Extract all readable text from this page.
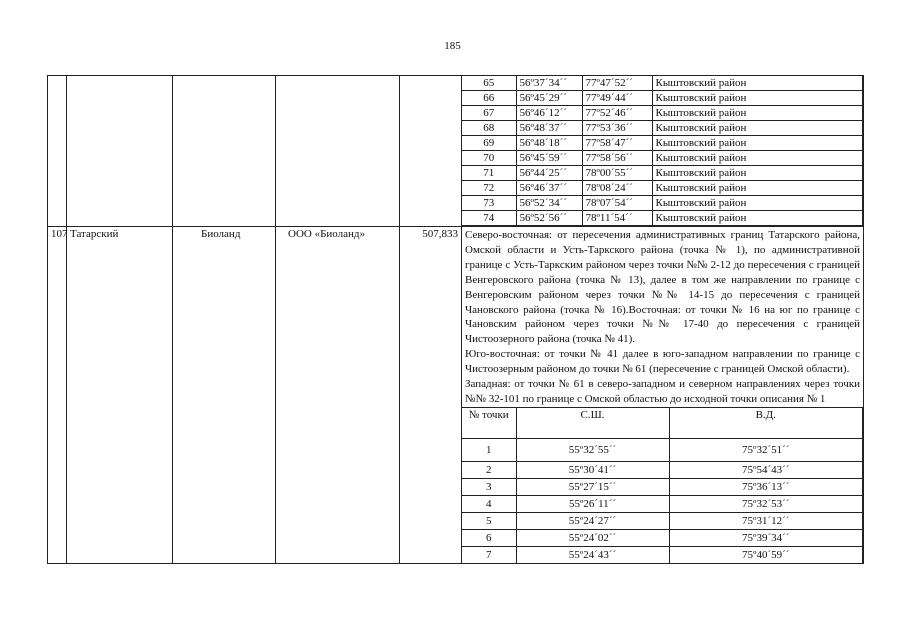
185

65	56º37´34´´	77º47´52´´	Кыштовский район
66	56º45´29´´	77º49´44´´	Кыштовский район
67	56º46´12´´	77º52´46´´	Кыштовский район
68	56º48´37´´	77º53´36´´	Кыштовский район
69	56º48´18´´	77º58´47´´	Кыштовский район
70	56º45´59´´	77º58´56´´	Кыштовский район
71	56º44´25´´	78º00´55´´	Кыштовский район
72	56º46´37´´	78º08´24´´	Кыштовский район
73	56º52´34´´	78º07´54´´	Кыштовский район
74	56º52´56´´	78º11´54´´	Кыштовский район

107	Татарский	Биоланд	ООО «Биоланд»	507,833	Северо-восточная: от пересечения административных границ Татарского района, Омской области и Усть-Таркского района (точка № 1), по административной границе с Усть-Таркским районом через точки №№ 2-12 до пересечения с границей Венгеровского района (точка № 13), далее в том же направлении по границе с Венгеровским районом через точки №№ 14-15 до пересечения с границей Чановского района (точка № 16).Восточная: от точки № 16 на юг по границе с Чановским районом через точки №№ 17-40 до пересечения с границей Чистоозерного района (точка № 41).

Юго-восточная: от точки № 41 далее в юго-западном направлении по границе с Чистоозерным районом до точки № 61 (пересечение с границей Омской области).

Западная: от точки № 61 в северо-западном и северном направлениях через точки №№ 32-101 по границе с Омской областью до исходной точки описания № 1

№ точки	С.Ш.	В.Д.
1	55º32´55´´	75º32´51´´
2	55º30´41´´	75º54´43´´
3	55º27´15´´	75º36´13´´
4	55º26´11´´	75º32´53´´
5	55º24´27´´	75º31´12´´
6	55º24´02´´	75º39´34´´
7	55º24´43´´	75º40´59´´
